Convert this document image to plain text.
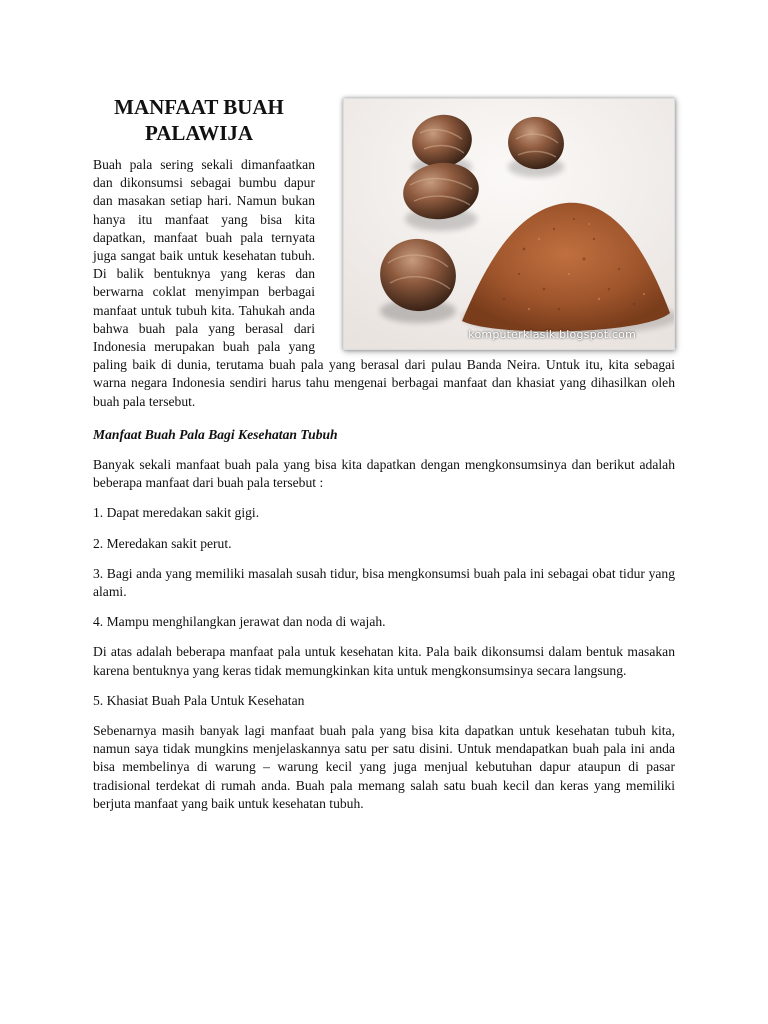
komputerklasik.blogspot.com
MANFAAT BUAH PALAWIJA

Buah pala sering sekali dimanfaatkan dan dikonsumsi sebagai bumbu dapur dan masakan setiap hari. Namun bukan hanya itu manfaat yang bisa kita dapatkan, manfaat buah pala ternyata juga sangat baik untuk kesehatan tubuh. Di balik bentuknya yang keras dan berwarna coklat menyimpan berbagai manfaat untuk tubuh kita. Tahukah anda bahwa buah pala yang berasal dari Indonesia merupakan buah pala yang paling baik di dunia, terutama buah pala yang berasal dari pulau Banda Neira. Untuk itu, kita sebagai warna negara Indonesia sendiri harus tahu mengenai berbagai manfaat dan khasiat yang dihasilkan oleh buah pala tersebut.

Manfaat Buah Pala Bagi Kesehatan Tubuh

Banyak sekali manfaat buah pala yang bisa kita dapatkan dengan mengkonsumsinya dan berikut adalah beberapa manfaat dari buah pala tersebut :

1. Dapat meredakan sakit gigi.

2. Meredakan sakit perut.

3. Bagi anda yang memiliki masalah susah tidur, bisa mengkonsumsi buah pala ini sebagai obat tidur yang alami.

4. Mampu menghilangkan jerawat dan noda di wajah.

Di atas adalah beberapa manfaat pala untuk kesehatan kita. Pala baik dikonsumsi dalam bentuk masakan karena bentuknya yang keras tidak memungkinkan kita untuk mengkonsumsinya secara langsung.

5. Khasiat Buah Pala Untuk Kesehatan

Sebenarnya masih banyak lagi manfaat buah pala yang bisa kita dapatkan untuk kesehatan tubuh kita, namun saya tidak mungkins menjelaskannya satu per satu disini. Untuk mendapatkan buah pala ini anda bisa membelinya di warung – warung kecil yang juga menjual kebutuhan dapur ataupun di pasar tradisional terdekat di rumah anda. Buah pala memang salah satu buah kecil dan keras yang memiliki berjuta manfaat yang baik untuk kesehatan tubuh.
